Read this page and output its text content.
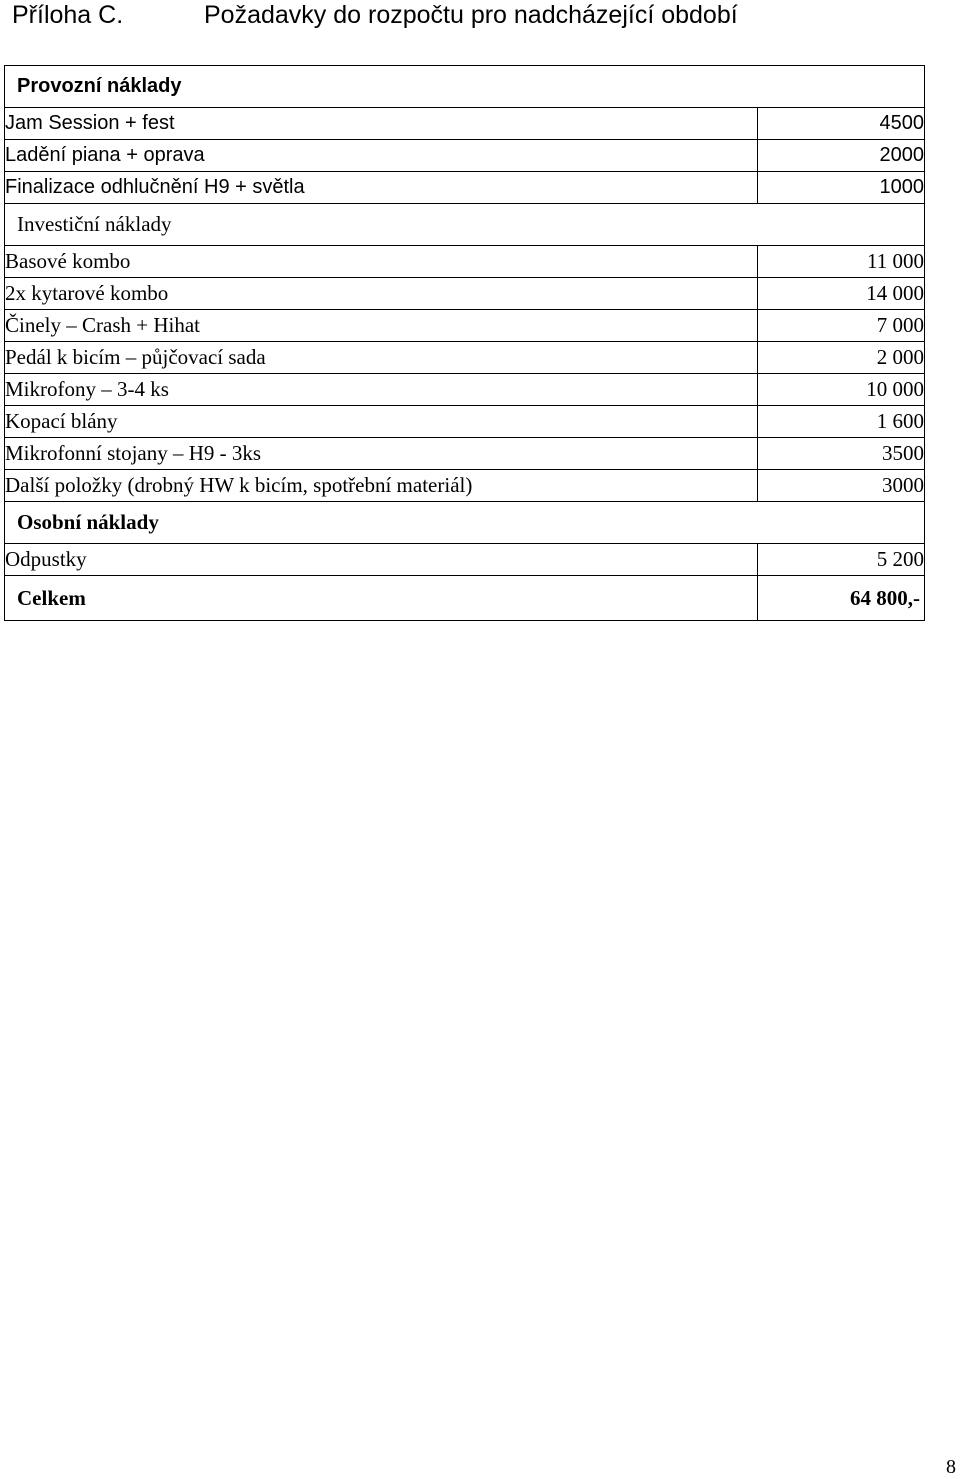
Příloha C.	Požadavky do rozpočtu pro nadcházející období
Provozní náklady	
Jam Session + fest	4500
Ladění piana + oprava	2000
Finalizace odhlučnění H9 + světla	1000
Investiční náklady	
Basové kombo	11 000
2x kytarové kombo	14 000
Činely – Crash + Hihat	7 000
Pedál k bicím – půjčovací sada	2 000
Mikrofony – 3-4 ks	10 000
Kopací blány	1 600
Mikrofonní stojany – H9 - 3ks	3500
Další položky (drobný HW k bicím, spotřební materiál)	3000
Osobní náklady	
Odpustky	5 200
Celkem	64 800,-
8
